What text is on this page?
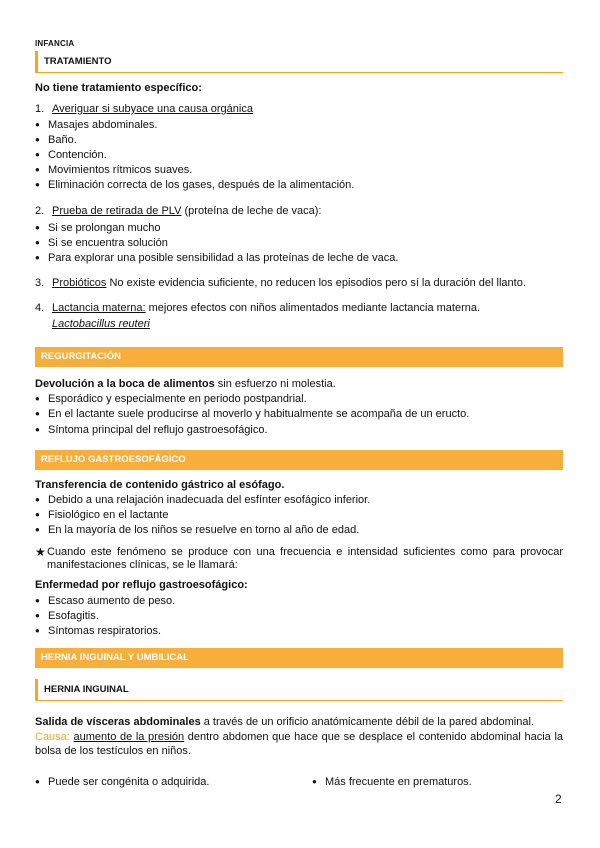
INFANCIA
TRATAMIENTO
No tiene tratamiento específico:
1. Averiguar si subyace una causa orgánica
● Masajes abdominales.
● Baño.
● Contención.
● Movimientos rítmicos suaves.
● Eliminación correcta de los gases, después de la alimentación.
2. Prueba de retirada de PLV (proteína de leche de vaca):
● Si se prolongan mucho
● Si se encuentra solución
● Para explorar una posible sensibilidad a las proteínas de leche de vaca.
3. Probióticos No existe evidencia suficiente, no reducen los episodios pero sí la duración del llanto.
4. Lactancia materna: mejores efectos con niños alimentados mediante lactancia materna.
Lactobacillus reuteri
REGURGITACIÓN
Devolución a la boca de alimentos sin esfuerzo ni molestia.
● Esporádico y especialmente en periodo postpandrial.
● En el lactante suele producirse al moverlo y habitualmente se acompaña de un eructo.
● Síntoma principal del reflujo gastroesofágico.
REFLUJO GASTROESOFÁGICO
Transferencia de contenido gástrico al esófago.
● Debido a una relajación inadecuada del esfínter esofágico inferior.
● Fisiológico en el lactante
● En la mayoría de los niños se resuelve en torno al año de edad.
★ Cuando este fenómeno se produce con una frecuencia e intensidad suficientes como para provocar manifestaciones clínicas, se le llamará:
Enfermedad por reflujo gastroesofágico:
● Escaso aumento de peso.
● Esofagitis.
● Síntomas respiratorios.
HERNIA INGUINAL Y UMBILICAL
HERNIA INGUINAL
Salida de vísceras abdominales a través de un orificio anatómicamente débil de la pared abdominal.
Causa: aumento de la presión dentro abdomen que hace que se desplace el contenido abdominal hacia la bolsa de los testículos en niños.
● Puede ser congénita o adquirida.	● Más frecuente en prematuros.
2
